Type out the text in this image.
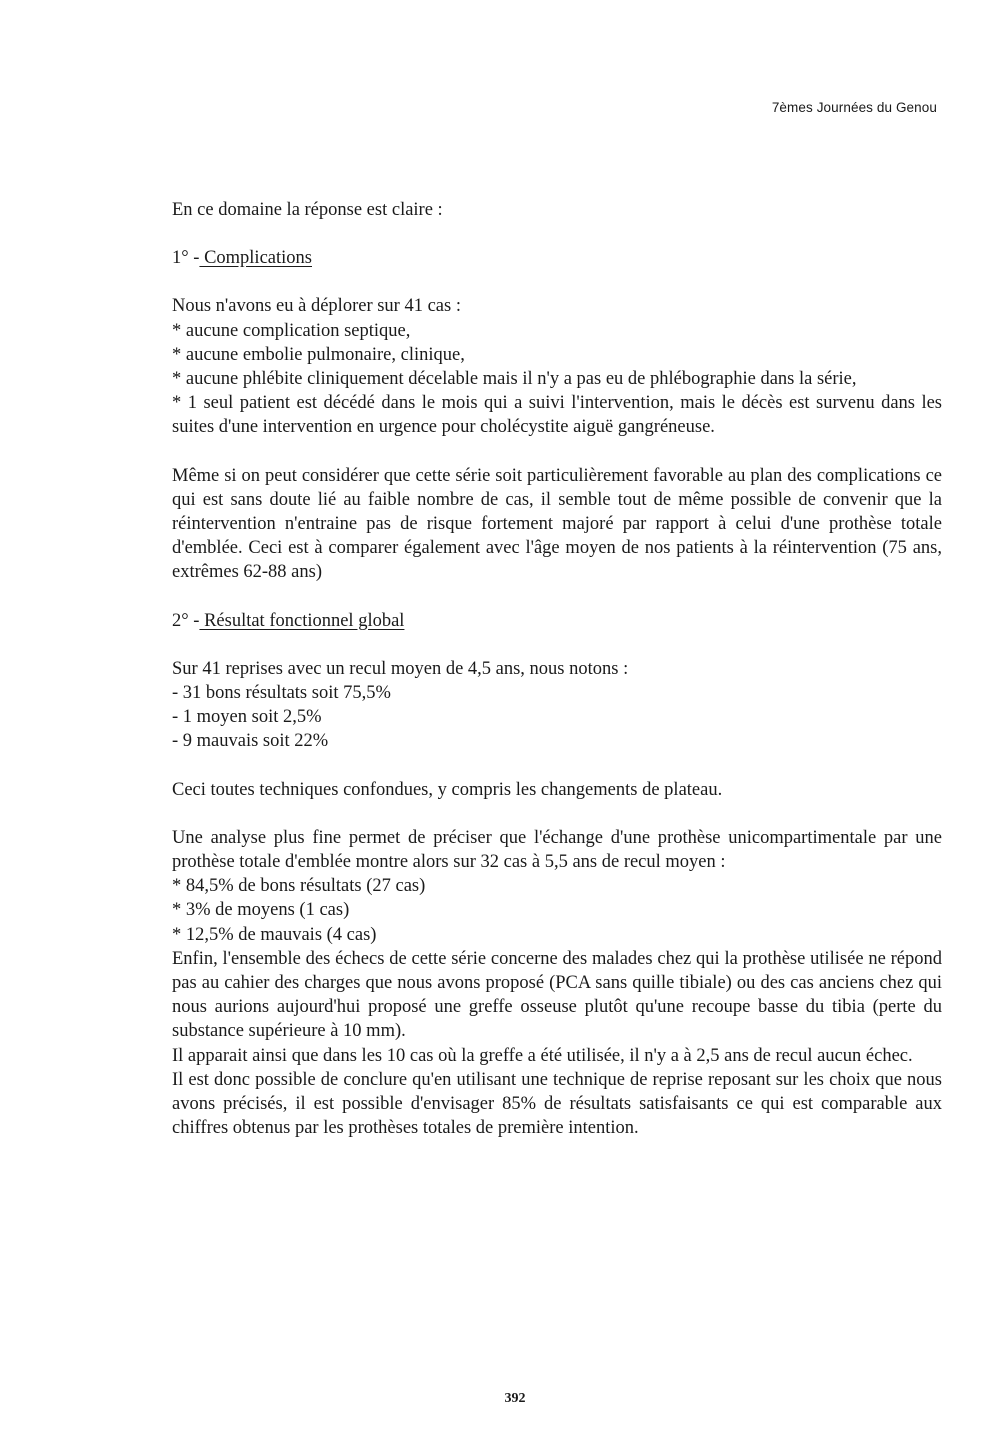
7èmes Journées du Genou

En ce domaine la réponse est claire :

1° - Complications

Nous n'avons eu à déplorer sur 41 cas :

* aucune complication septique,

* aucune embolie pulmonaire, clinique,

* aucune phlébite cliniquement décelable mais il n'y a pas eu de phlébographie dans la série,

* 1 seul patient est décédé dans le mois qui a suivi l'intervention, mais le décès est survenu dans les suites d'une intervention en urgence pour cholécystite aiguë gangréneuse.

Même si on peut considérer que cette série soit particulièrement favorable au plan des complications ce qui est sans doute lié au faible nombre de cas, il semble tout de même possible de convenir que la réintervention n'entraine pas de risque fortement majoré par rapport à celui d'une prothèse totale d'emblée. Ceci est à comparer également avec l'âge moyen de nos patients à la réintervention (75 ans, extrêmes 62-88 ans)

2° - Résultat fonctionnel global

Sur 41 reprises avec un recul moyen de 4,5 ans, nous notons :

- 31 bons résultats soit 75,5%

- 1 moyen soit 2,5%

- 9 mauvais soit 22%

Ceci toutes techniques confondues, y compris les changements de plateau.

Une analyse plus fine permet de préciser que l'échange d'une prothèse unicompartimentale par une prothèse totale d'emblée montre alors sur 32 cas à 5,5 ans de recul moyen :

* 84,5% de bons résultats (27 cas)

* 3% de moyens (1 cas)

* 12,5% de mauvais (4 cas)

Enfin, l'ensemble des échecs de cette série concerne des malades chez qui la prothèse utilisée ne répond pas au cahier des charges que nous avons proposé (PCA sans quille tibiale) ou des cas anciens chez qui nous aurions aujourd'hui proposé une greffe osseuse plutôt qu'une recoupe basse du tibia (perte du substance supérieure à 10 mm).

Il apparait ainsi que dans les 10 cas où la greffe a été utilisée, il n'y a à 2,5 ans de recul aucun échec.

Il est donc possible de conclure qu'en utilisant une technique de reprise reposant sur les choix que nous avons précisés, il est possible d'envisager 85% de résultats satisfaisants ce qui est comparable aux chiffres obtenus par les prothèses totales de première intention.

392
